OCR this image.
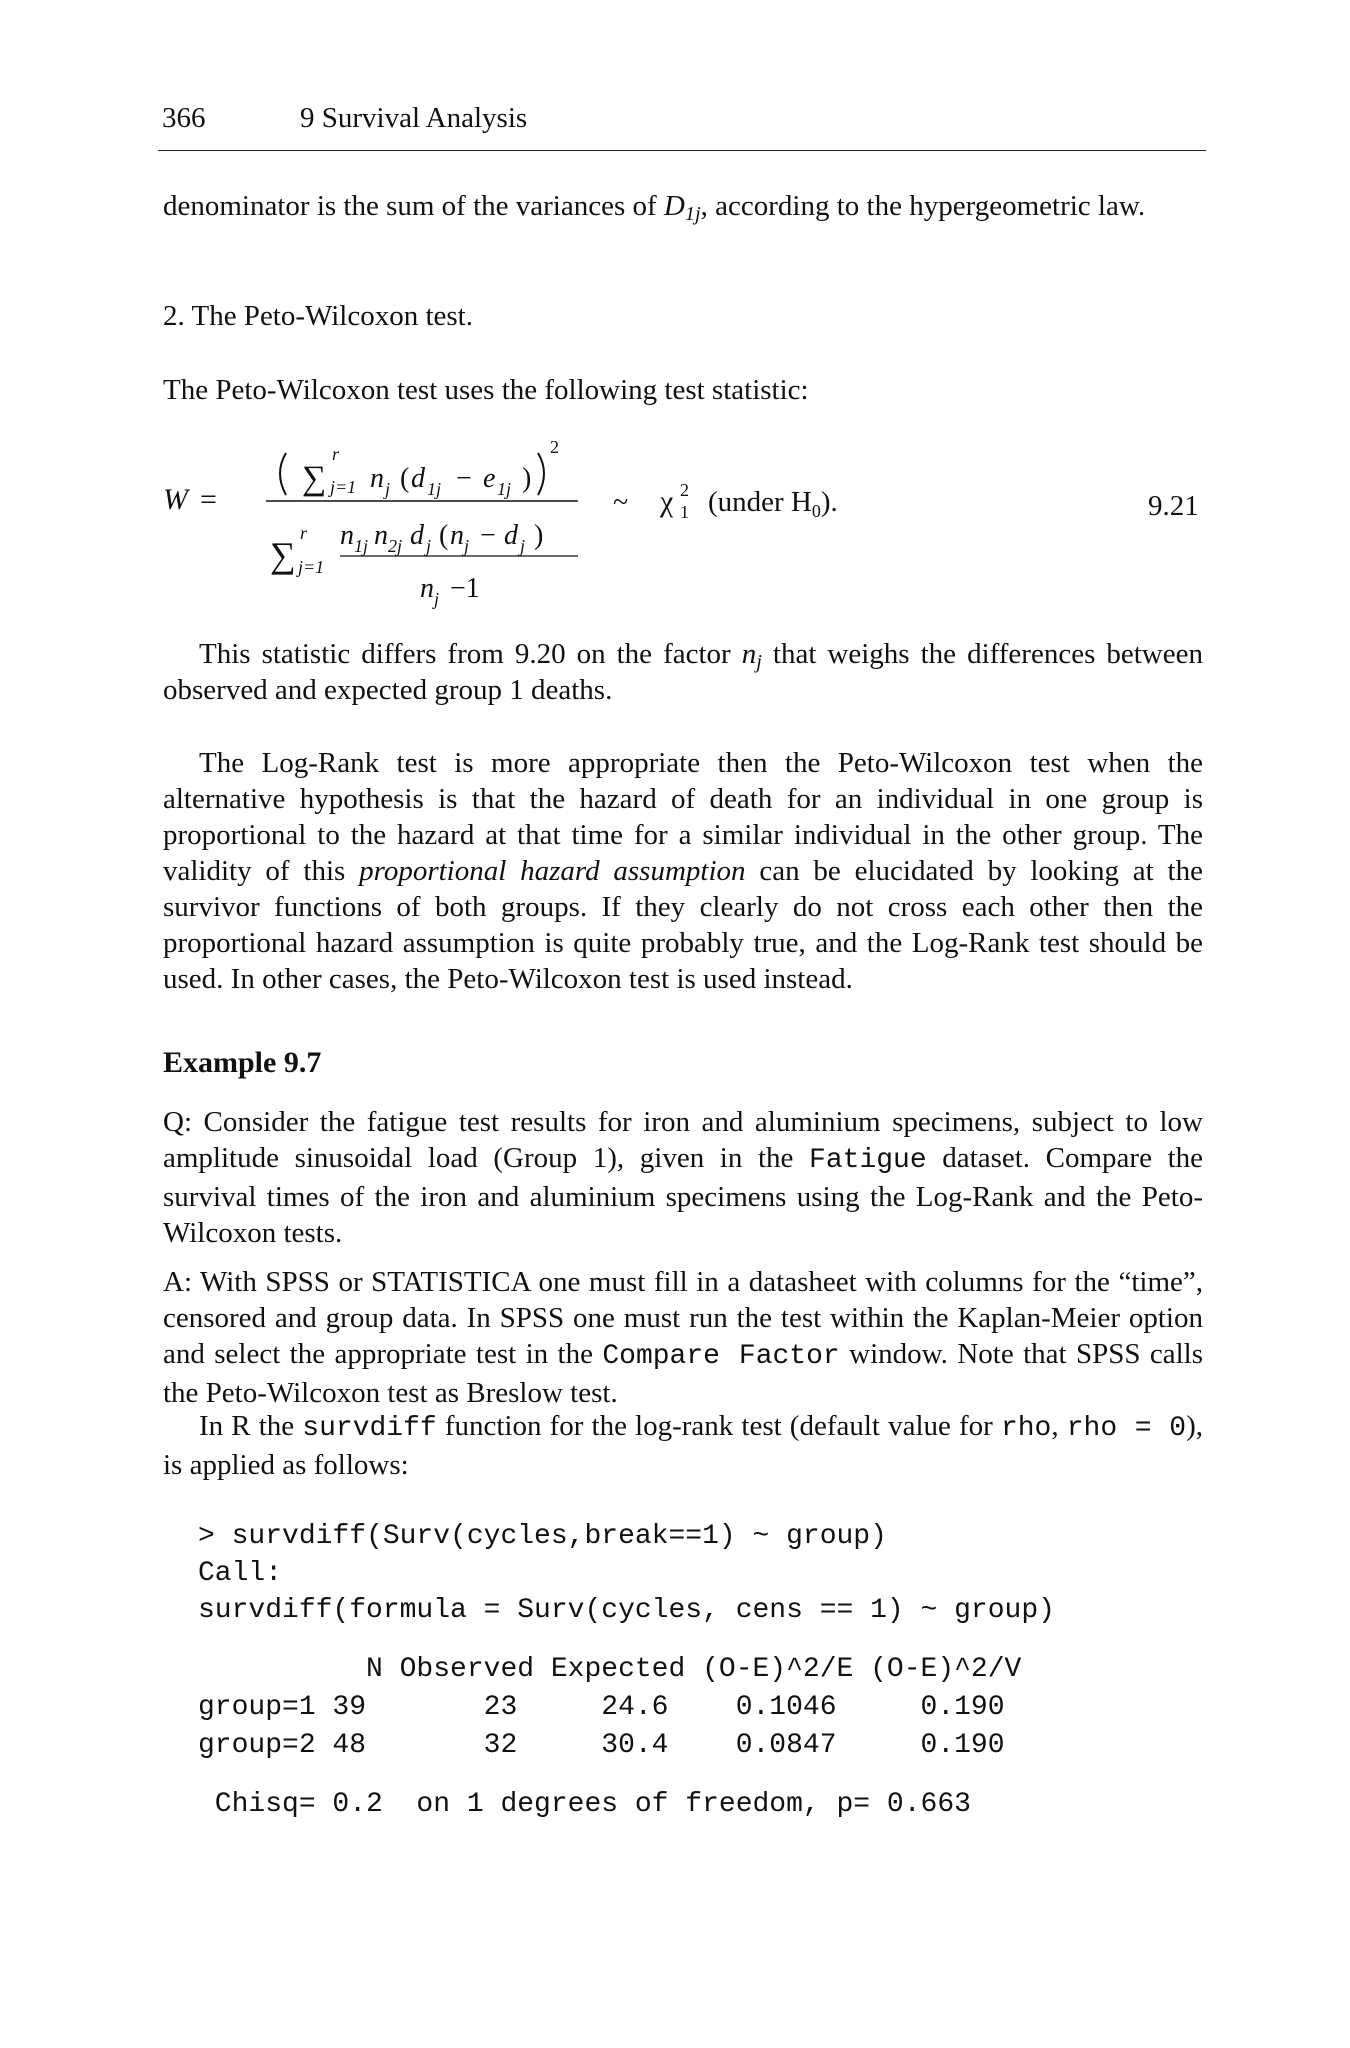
366	9 Survival Analysis
denominator is the sum of the variances of $D_{1j}$, according to the hypergeometric law.
2. The Peto-Wilcoxon test.
The Peto-Wilcoxon test uses the following test statistic:
W =
∑
r
j=1 n j ( d 1j − e 1j )
2
∑
r
j=1
n 1j n 2j d j ( n j − d j )
n j −1
~ χ 2
1 (under $H_0$).	9.21
This statistic differs from 9.20 on the factor $n_j$ that weighs the differences between observed and expected group 1 deaths.
The Log-Rank test is more appropriate then the Peto-Wilcoxon test when the alternative hypothesis is that the hazard of death for an individual in one group is proportional to the hazard at that time for a similar individual in the other group. The validity of this proportional hazard assumption can be elucidated by looking at the survivor functions of both groups. If they clearly do not cross each other then the proportional hazard assumption is quite probably true, and the Log-Rank test should be used. In other cases, the Peto-Wilcoxon test is used instead.
Example 9.7
Q: Consider the fatigue test results for iron and aluminium specimens, subject to low amplitude sinusoidal load (Group 1), given in the Fatigue dataset. Compare the survival times of the iron and aluminium specimens using the Log-Rank and the Peto-Wilcoxon tests.
A: With SPSS or STATISTICA one must fill in a datasheet with columns for the “time”, censored and group data. In SPSS one must run the test within the Kaplan-Meier option and select the appropriate test in the Compare Factor window. Note that SPSS calls the Peto-Wilcoxon test as Breslow test.
In R the survdiff function for the log-rank test (default value for rho, rho = 0), is applied as follows:
> survdiff(Surv(cycles,break==1) ~ group)
Call:
survdiff(formula = Surv(cycles, cens == 1) ~ group)
N Observed Expected (O-E)^2/E (O-E)^2/V
group=1 39       23     24.6    0.1046     0.190
group=2 48       32     30.4    0.0847     0.190
Chisq= 0.2  on 1 degrees of freedom, p= 0.663
